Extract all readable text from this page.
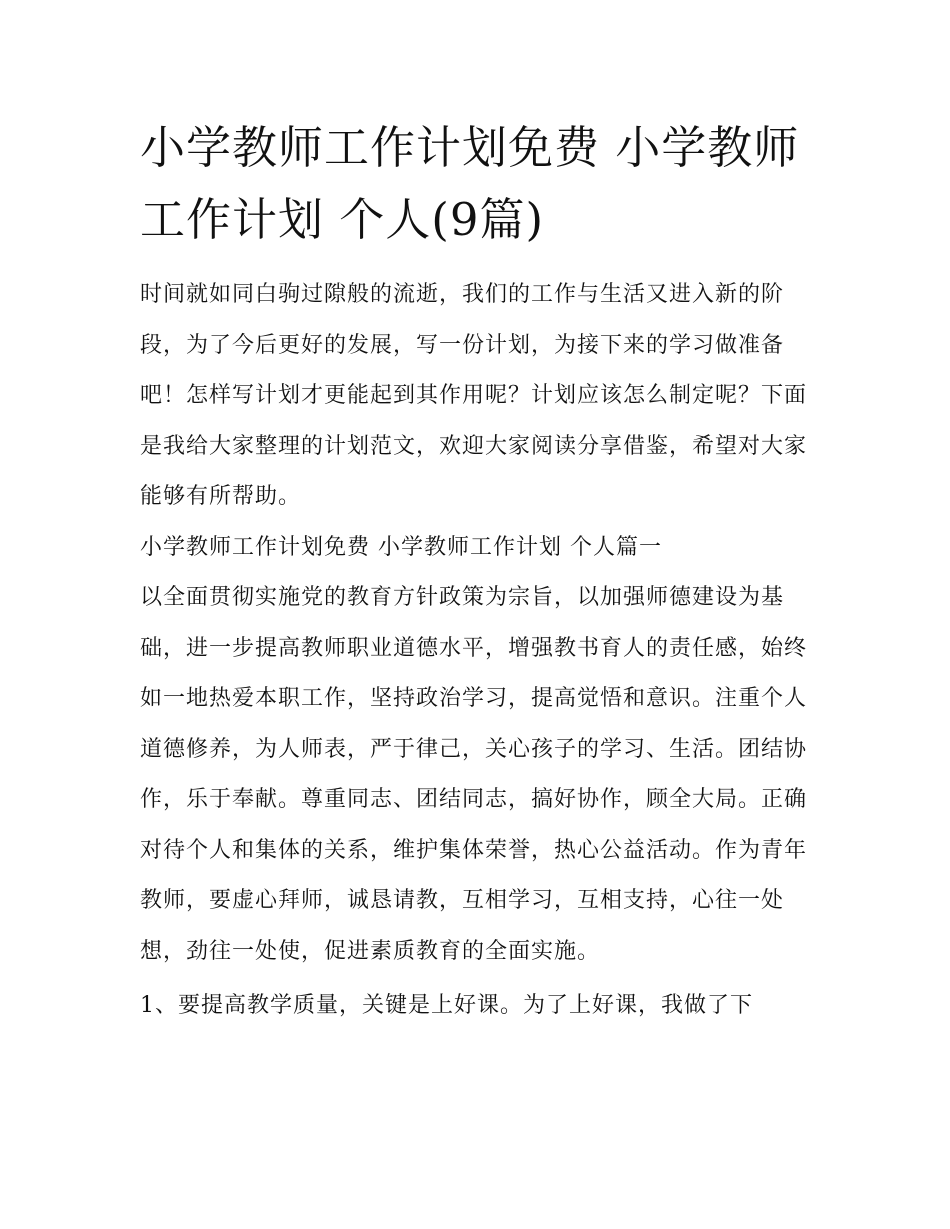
小学教师工作计划免费 小学教师工作计划 个人(9篇)

时间就如同白驹过隙般的流逝，我们的工作与生活又进入新的阶段，为了今后更好的发展，写一份计划，为接下来的学习做准备吧！怎样写计划才更能起到其作用呢？计划应该怎么制定呢？下面是我给大家整理的计划范文，欢迎大家阅读分享借鉴，希望对大家能够有所帮助。

小学教师工作计划免费 小学教师工作计划 个人篇一

以全面贯彻实施党的教育方针政策为宗旨，以加强师德建设为基础，进一步提高教师职业道德水平，增强教书育人的责任感，始终如一地热爱本职工作，坚持政治学习，提高觉悟和意识。注重个人道德修养，为人师表，严于律己，关心孩子的学习、生活。团结协作，乐于奉献。尊重同志、团结同志，搞好协作，顾全大局。正确对待个人和集体的关系，维护集体荣誉，热心公益活动。作为青年教师，要虚心拜师，诚恳请教，互相学习，互相支持，心往一处想，劲往一处使，促进素质教育的全面实施。

1、要提高教学质量，关键是上好课。为了上好课，我做了下
